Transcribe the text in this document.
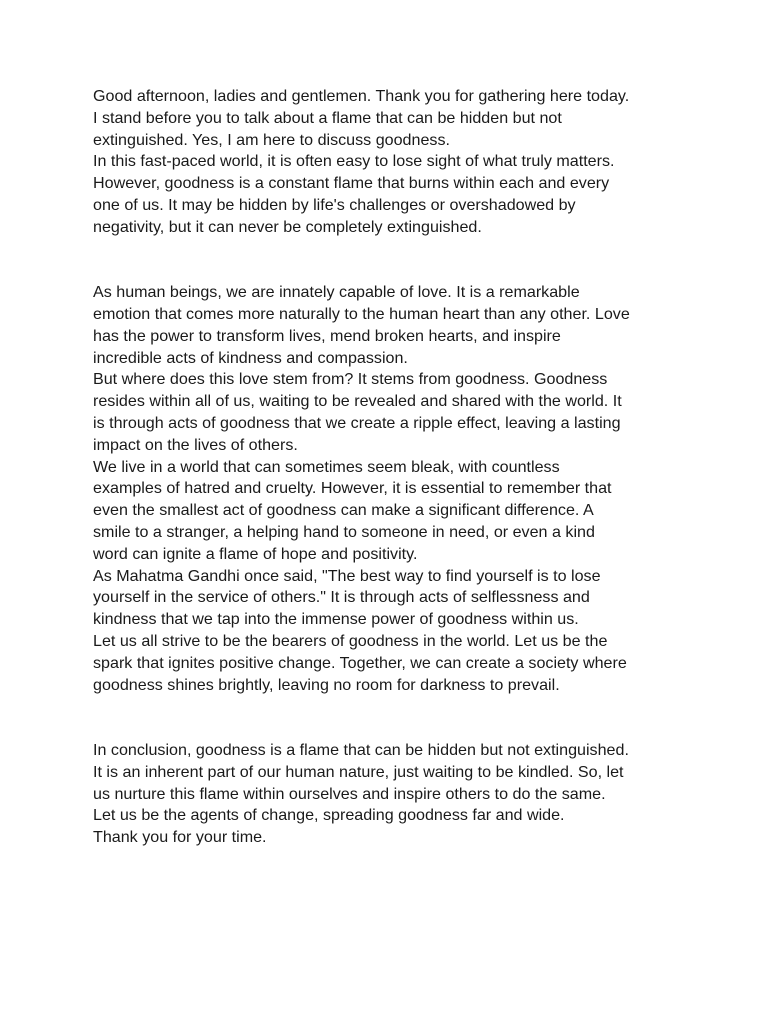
Good afternoon, ladies and gentlemen. Thank you for gathering here today.
I stand before you to talk about a flame that can be hidden but not
extinguished. Yes, I am here to discuss goodness.
In this fast-paced world, it is often easy to lose sight of what truly matters.
However, goodness is a constant flame that burns within each and every
one of us. It may be hidden by life's challenges or overshadowed by
negativity, but it can never be completely extinguished.
As human beings, we are innately capable of love. It is a remarkable
emotion that comes more naturally to the human heart than any other. Love
has the power to transform lives, mend broken hearts, and inspire
incredible acts of kindness and compassion.
But where does this love stem from? It stems from goodness. Goodness
resides within all of us, waiting to be revealed and shared with the world. It
is through acts of goodness that we create a ripple effect, leaving a lasting
impact on the lives of others.
We live in a world that can sometimes seem bleak, with countless
examples of hatred and cruelty. However, it is essential to remember that
even the smallest act of goodness can make a significant difference. A
smile to a stranger, a helping hand to someone in need, or even a kind
word can ignite a flame of hope and positivity.
As Mahatma Gandhi once said, "The best way to find yourself is to lose
yourself in the service of others." It is through acts of selflessness and
kindness that we tap into the immense power of goodness within us.
Let us all strive to be the bearers of goodness in the world. Let us be the
spark that ignites positive change. Together, we can create a society where
goodness shines brightly, leaving no room for darkness to prevail.
In conclusion, goodness is a flame that can be hidden but not extinguished.
It is an inherent part of our human nature, just waiting to be kindled. So, let
us nurture this flame within ourselves and inspire others to do the same.
Let us be the agents of change, spreading goodness far and wide.
Thank you for your time.
